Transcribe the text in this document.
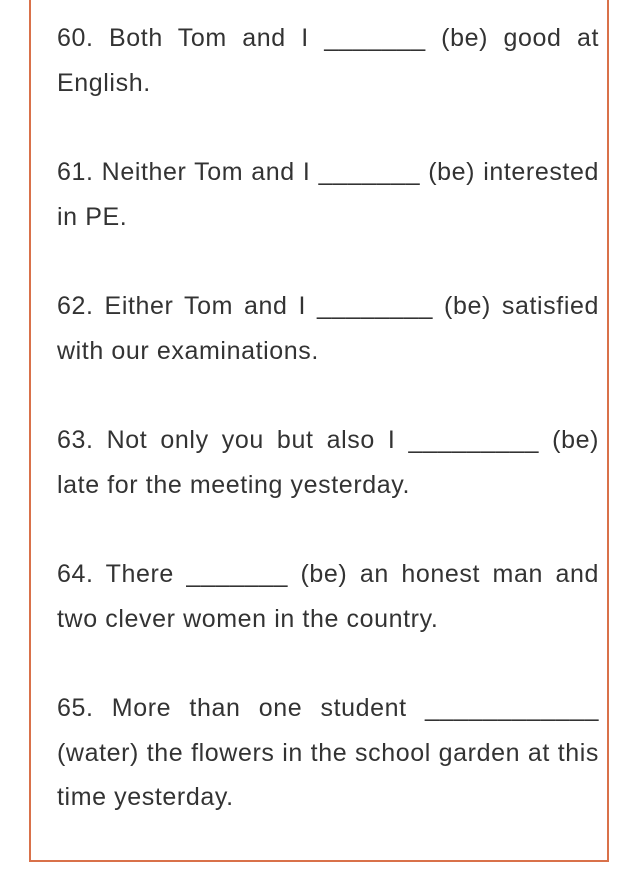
60. Both Tom and I _______ (be) good at English.

61. Neither Tom and I _______ (be) interested in PE.

62. Either Tom and I ________ (be) satisfied with our examinations.

63. Not only you but also I _________ (be) late for the meeting yesterday.

64. There _______ (be) an honest man and two clever women in the country.

65. More than one student ____________ (water) the flowers in the school garden at this time yesterday.
